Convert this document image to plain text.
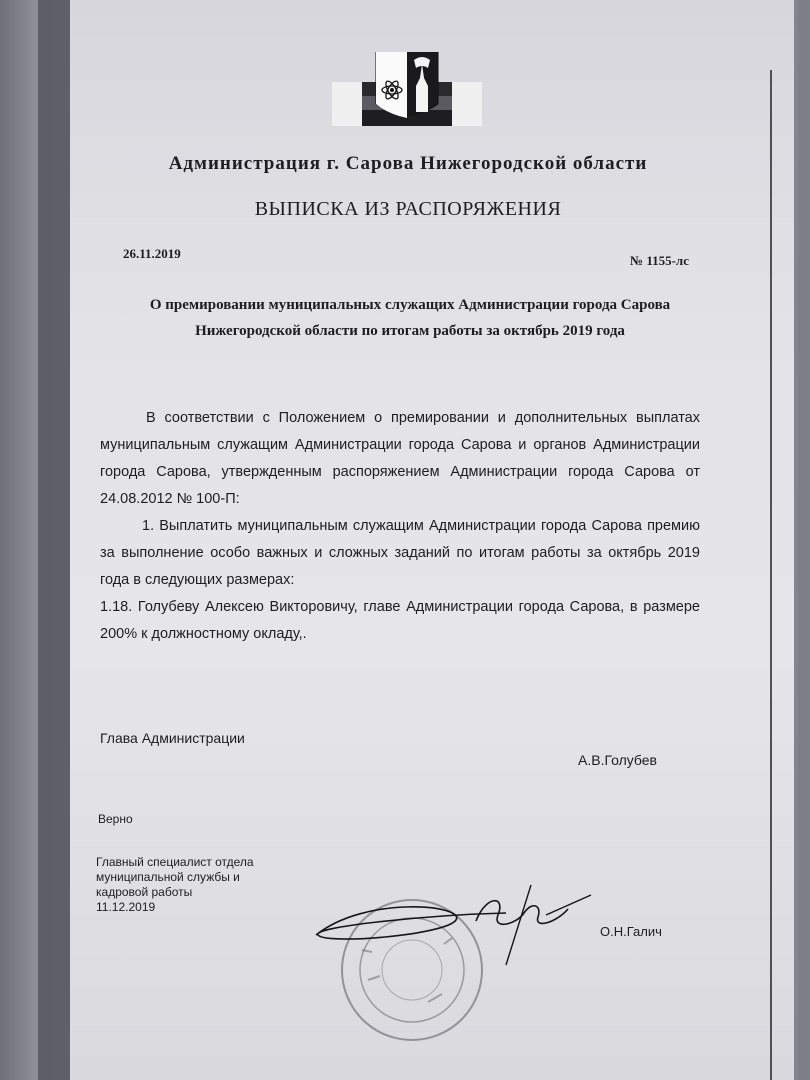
Администрация г. Сарова Нижегородской области
ВЫПИСКА ИЗ РАСПОРЯЖЕНИЯ
26.11.2019	№ 1155-лс
О премировании муниципальных служащих Администрации города Сарова
Нижегородской области по итогам работы за октябрь 2019 года

В соответствии с Положением о премировании и дополнительных выплатах муниципальным служащим Администрации города Сарова и органов Администрации города Сарова, утвержденным распоряжением Администрации города Сарова от 24.08.2012 № 100-П:

1. Выплатить муниципальным служащим Администрации города Сарова премию за выполнение особо важных и сложных заданий по итогам работы за октябрь 2019 года в следующих размерах:

1.18. Голубеву Алексею Викторовичу, главе Администрации города Сарова, в размере 200% к должностному окладу,.

Глава Администрации
А.В.Голубев
Верно
Главный специалист отдела
муниципальной службы и
кадровой работы
11.12.2019
О.Н.Галич
